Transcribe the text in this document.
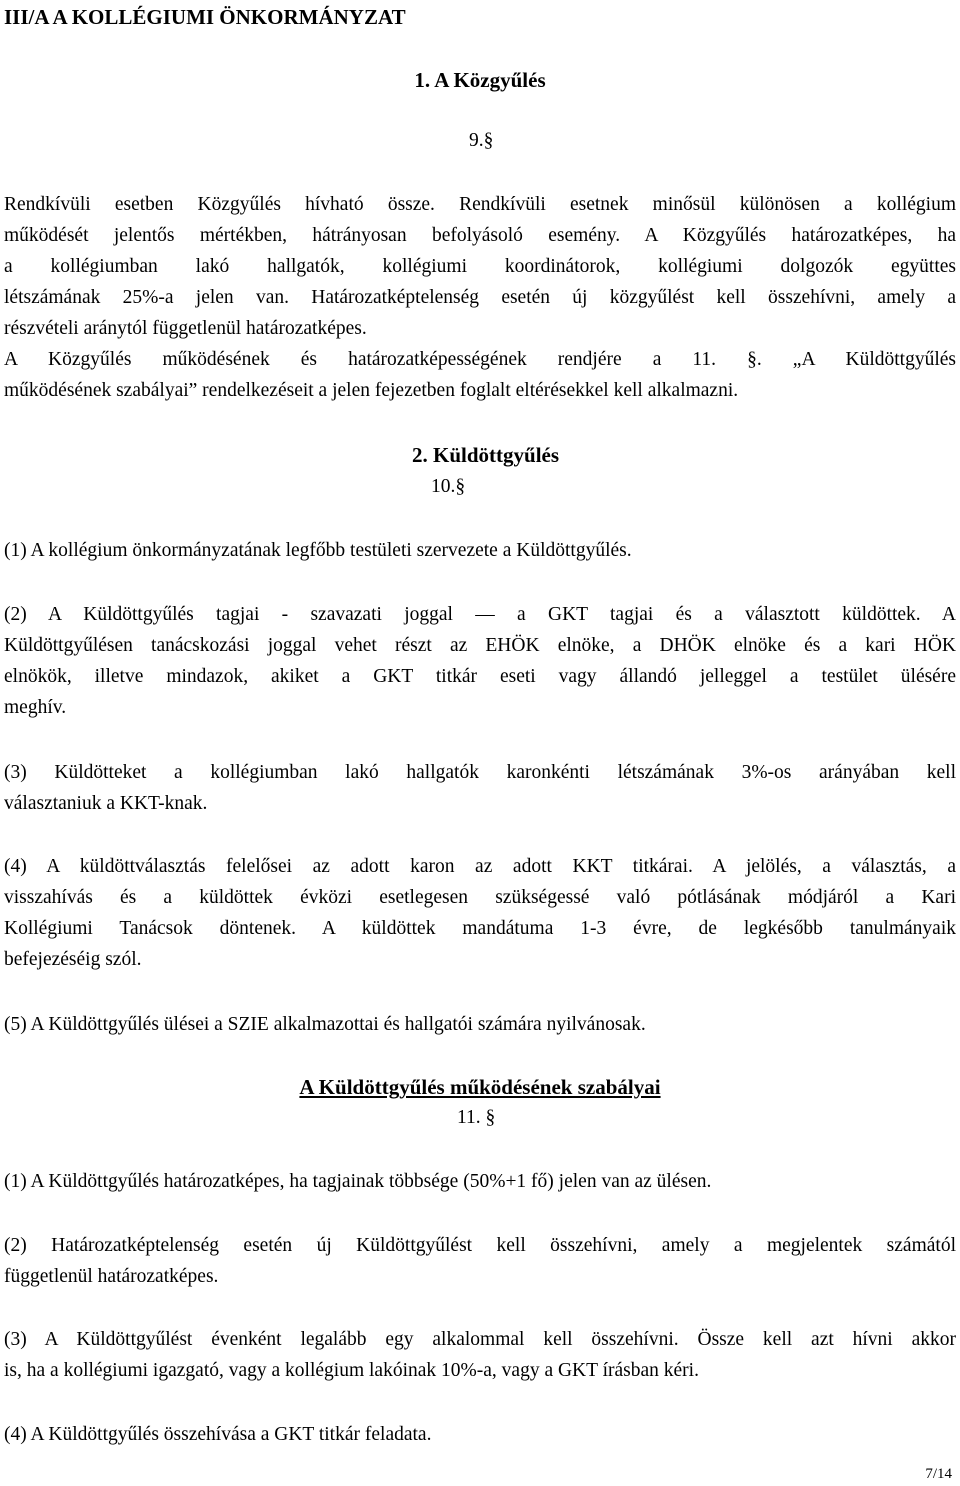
III/A A KOLLÉGIUMI ÖNKORMÁNYZAT
1. A Közgyűlés
9.§
Rendkívüli esetben Közgyűlés hívható össze. Rendkívüli esetnek minősül különösen a kollégium
működését jelentős mértékben, hátrányosan befolyásoló esemény. A Közgyűlés határozatképes, ha
a kollégiumban lakó hallgatók, kollégiumi koordinátorok, kollégiumi dolgozók együttes
létszámának 25%-a jelen van. Határozatképtelenség esetén új közgyűlést kell összehívni, amely a
részvételi aránytól függetlenül határozatképes.
A Közgyűlés működésének és határozatképességének rendjére a 11. §. „A Küldöttgyűlés
működésének szabályai” rendelkezéseit a jelen fejezetben foglalt eltérésekkel kell alkalmazni.
2. Küldöttgyűlés
10.§
(1) A kollégium önkormányzatának legfőbb testületi szervezete a Küldöttgyűlés.
(2) A Küldöttgyűlés tagjai - szavazati joggal — a GKT tagjai és a választott küldöttek. A
Küldöttgyűlésen tanácskozási joggal vehet részt az EHÖK elnöke, a DHÖK elnöke és a kari HÖK
elnökök, illetve mindazok, akiket a GKT titkár eseti vagy állandó jelleggel a testület ülésére
meghív.
(3) Küldötteket a kollégiumban lakó hallgatók karonkénti létszámának 3%-os arányában kell
választaniuk a KKT-knak.
(4) A küldöttválasztás felelősei az adott karon az adott KKT titkárai. A jelölés, a választás, a
visszahívás és a küldöttek évközi esetlegesen szükségessé való pótlásának módjáról a Kari
Kollégiumi Tanácsok döntenek. A küldöttek mandátuma 1-3 évre, de legkésőbb tanulmányaik
befejezéséig szól.
(5) A Küldöttgyűlés ülései a SZIE alkalmazottai és hallgatói számára nyilvánosak.
A Küldöttgyűlés működésének szabályai
11. §
(1) A Küldöttgyűlés határozatképes, ha tagjainak többsége (50%+1 fő) jelen van az ülésen.
(2) Határozatképtelenség esetén új Küldöttgyűlést kell összehívni, amely a megjelentek számától
függetlenül határozatképes.
(3) A Küldöttgyűlést évenként legalább egy alkalommal kell összehívni. Össze kell azt hívni akkor
is, ha a kollégiumi igazgató, vagy a kollégium lakóinak 10%-a, vagy a GKT írásban kéri.
(4) A Küldöttgyűlés összehívása a GKT titkár feladata.
7/14
